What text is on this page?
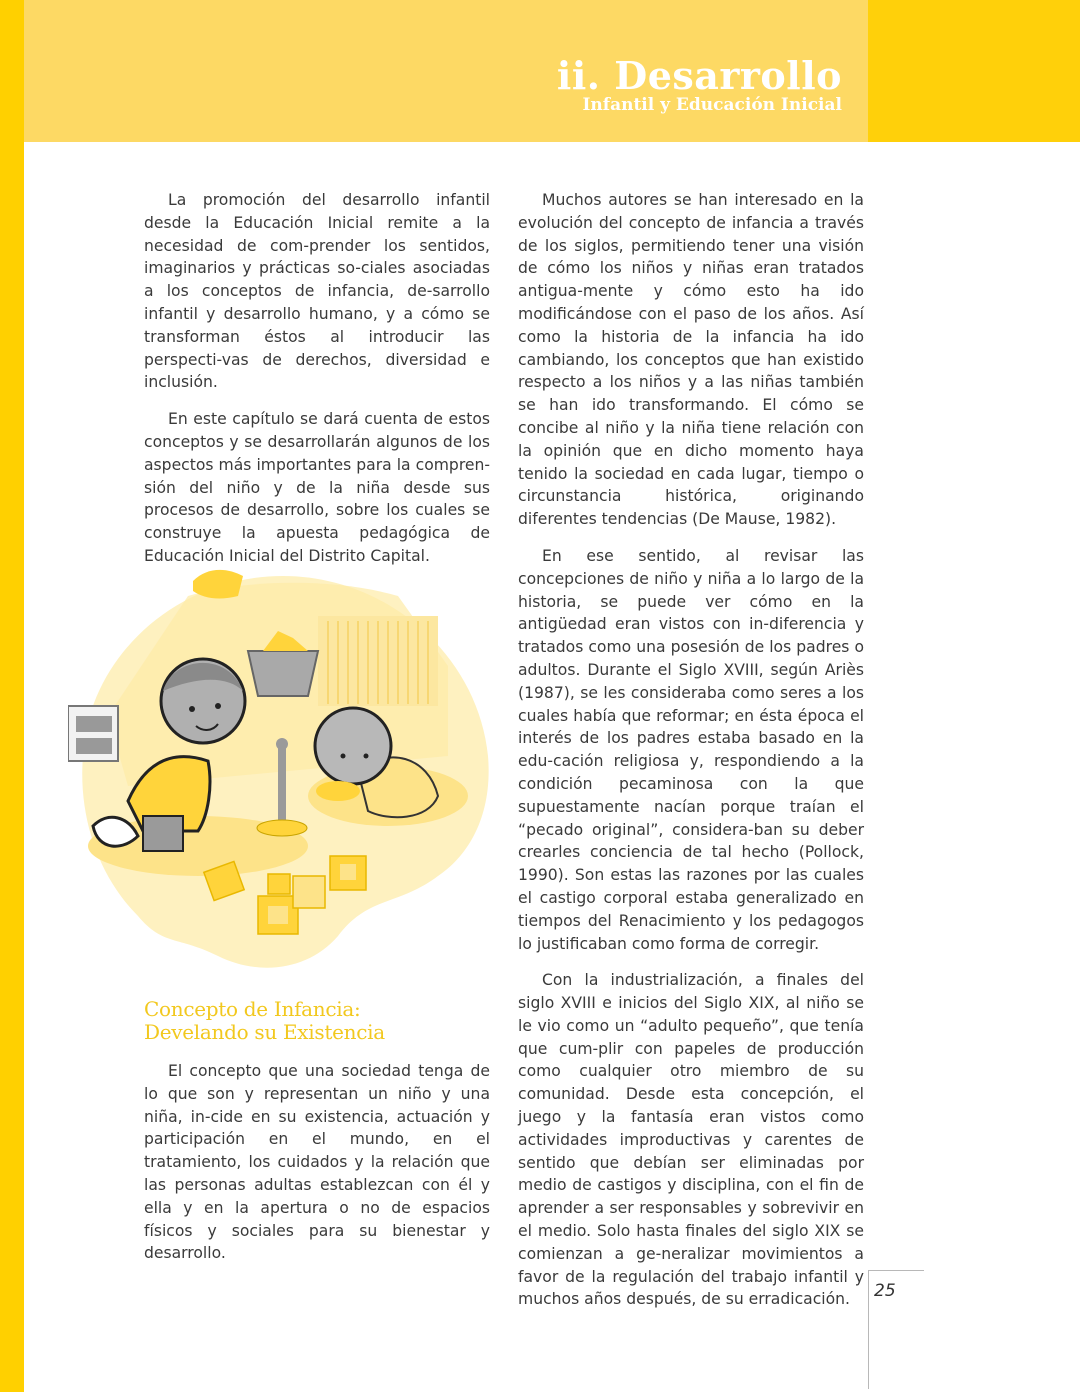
ii. Desarrollo
Infantil y Educación Inicial

La promoción del desarrollo infantil desde la Educación Inicial remite a la necesidad de com-prender los sentidos, imaginarios y prácticas so-ciales asociadas a los conceptos de infancia, de-sarrollo infantil y desarrollo humano, y a cómo se transforman éstos al introducir las perspecti-vas de derechos, diversidad e inclusión.

En este capítulo se dará cuenta de estos conceptos y se desarrollarán algunos de los aspectos más importantes para la compren-sión del niño y de la niña desde sus procesos de desarrollo, sobre los cuales se construye la apuesta pedagógica de Educación Inicial del Distrito Capital.

Concepto de Infancia:
Develando su Existencia

El concepto que una sociedad tenga de lo que son y representan un niño y una niña, in-cide en su existencia, actuación y participación en el mundo, en el tratamiento, los cuidados y la relación que las personas adultas establezcan con él y ella y en la apertura o no de espacios físicos y sociales para su bienestar y desarrollo.

Muchos autores se han interesado en la evolución del concepto de infancia a través de los siglos, permitiendo tener una visión de cómo los niños y niñas eran tratados antigua-mente y cómo esto ha ido modificándose con el paso de los años. Así como la historia de la infancia ha ido cambiando, los conceptos que han existido respecto a los niños y a las niñas también se han ido transformando. El cómo se concibe al niño y la niña tiene relación con la opinión que en dicho momento haya tenido la sociedad en cada lugar, tiempo o circunstancia histórica, originando diferentes tendencias (De Mause, 1982).

En ese sentido, al revisar las concepciones de niño y niña a lo largo de la historia, se puede ver cómo en la antigüedad eran vistos con in-diferencia y tratados como una posesión de los padres o adultos. Durante el Siglo XVIII, según Ariès (1987), se les consideraba como seres a los cuales había que reformar; en ésta época el interés de los padres estaba basado en la edu-cación religiosa y, respondiendo a la condición pecaminosa con la que supuestamente nacían porque traían el “pecado original”, considera-ban su deber crearles conciencia de tal hecho (Pollock, 1990). Son estas las razones por las cuales el castigo corporal estaba generalizado en tiempos del Renacimiento y los pedagogos lo justificaban como forma de corregir.

Con la industrialización, a finales del siglo XVIII e inicios del Siglo XIX, al niño se le vio como un “adulto pequeño”, que tenía que cum-plir con papeles de producción como cualquier otro miembro de su comunidad. Desde esta concepción, el juego y la fantasía eran vistos como actividades improductivas y carentes de sentido que debían ser eliminadas por medio de castigos y disciplina, con el fin de aprender a ser responsables y sobrevivir en el medio. Solo hasta finales del siglo XIX se comienzan a ge-neralizar movimientos a favor de la regulación del trabajo infantil y muchos años después, de su erradicación.	25
